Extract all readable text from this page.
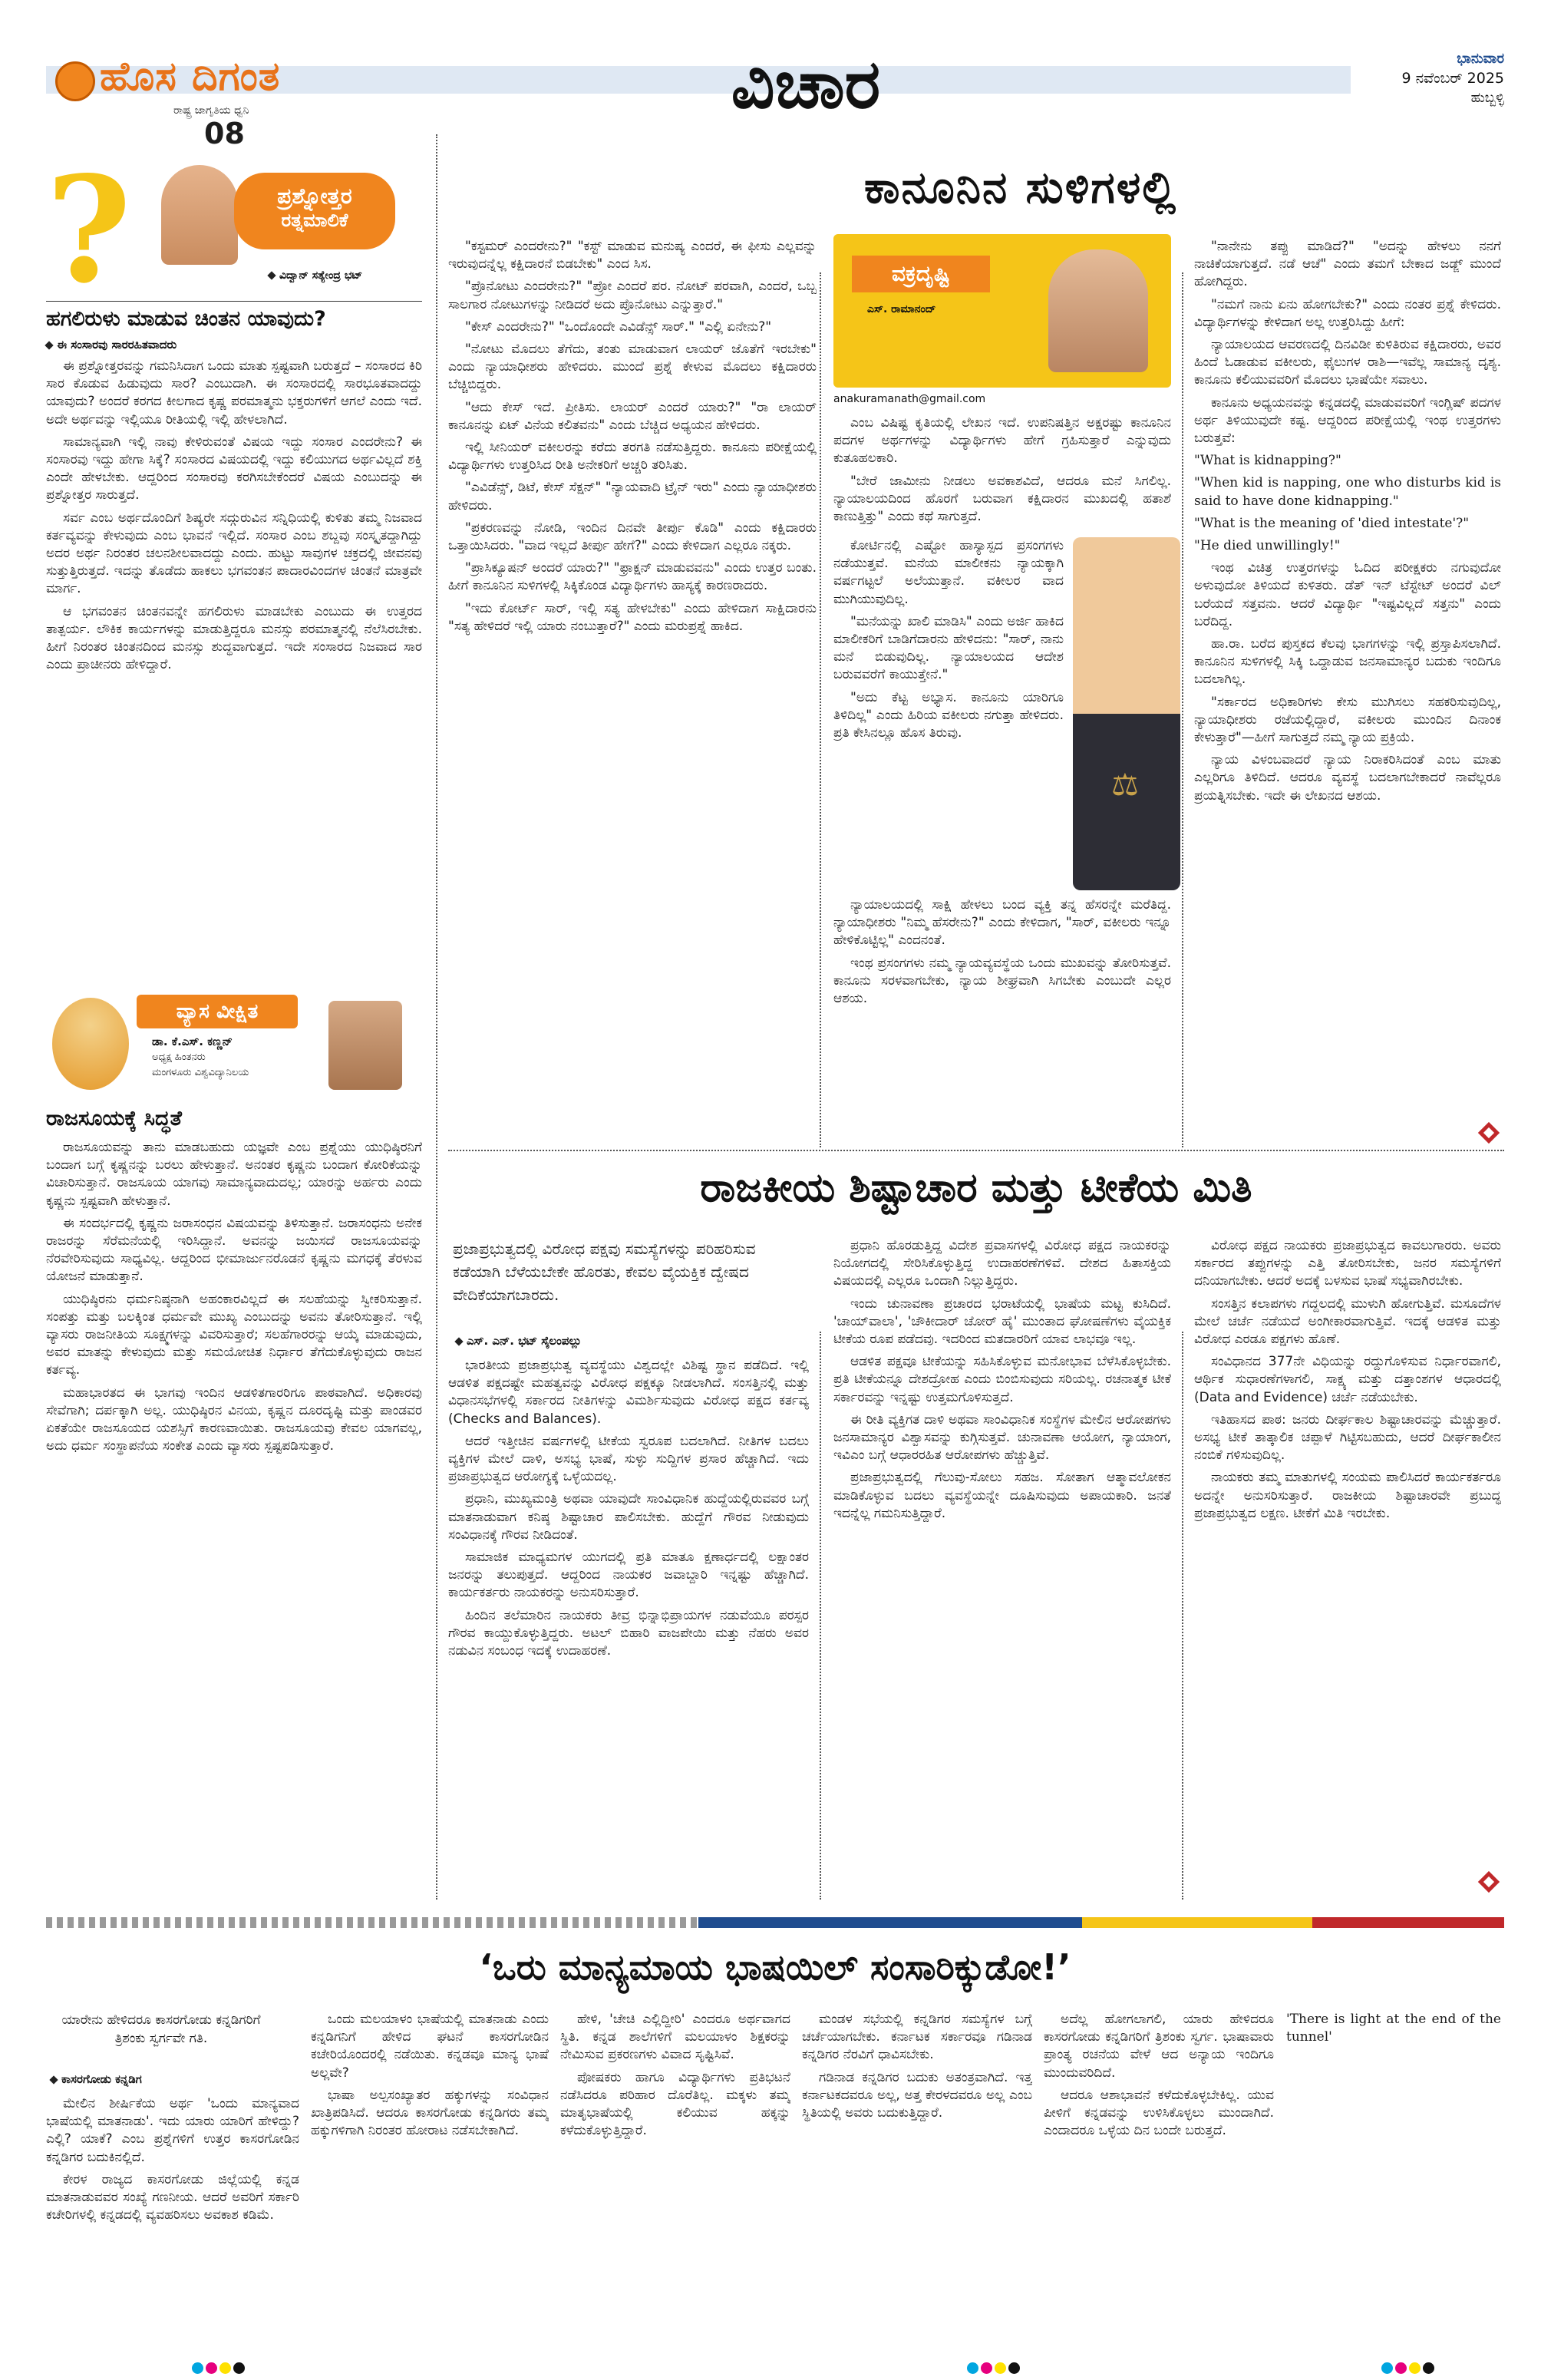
ಹೊಸ ದಿಗಂತ
ರಾಷ್ಟ್ರ ಜಾಗೃತಿಯ ಧ್ವನಿ
08
ವಿಚಾರ	ಭಾನುವಾರ
9 ನವೆಂಬರ್ 2025
ಹುಬ್ಬಳ್ಳಿ
?	ಪ್ರಶ್ನೋತ್ತರ
ರತ್ನಮಾಲಿಕೆ
ವಿದ್ವಾನ್ ಸತ್ಯೇಂದ್ರ ಭಟ್
ಹಗಲಿರುಳು ಮಾಡುವ ಚಿಂತನ ಯಾವುದು?
ಈ ಸಂಸಾರವು ಸಾರರಹಿತವಾದರು

ಈ ಪ್ರಶ್ನೋತ್ತರವನ್ನು ಗಮನಿಸಿದಾಗ ಒಂದು ಮಾತು ಸ್ಪಷ್ಟವಾಗಿ ಬರುತ್ತದೆ – ಸಂಸಾರದ ಕಿರಿ ಸಾರ ಕೊಡುವ ಹಿಡುವುದು ಸಾರ? ಎಂಬುದಾಗಿ. ಈ ಸಂಸಾರದಲ್ಲಿ ಸಾರಭೂತವಾದದ್ದು ಯಾವುದು? ಅಂದರೆ ಕರಗದ ಕೀಲಗಾದ ಕೃಷ್ಣ ಪರಮಾತ್ಮನು ಭಕ್ತರುಗಳಿಗೆ ಆಗಲೆ ಎಂದು ಇದೆ. ಅದೇ ಅರ್ಥವನ್ನು ಇಲ್ಲಿಯೂ ರೀತಿಯಲ್ಲಿ ಇಲ್ಲಿ ಹೇಳಲಾಗಿದೆ.

ಸಾಮಾನ್ಯವಾಗಿ ಇಲ್ಲಿ ನಾವು ಕೇಳಿರುವಂತೆ ವಿಷಯ ಇದ್ದು ಸಂಸಾರ ಎಂದರೇನು? ಈ ಸಂಸಾರವು ಇದ್ದು ಹೇಗಾ ಸಿಕ್ಕೆ? ಸಂಸಾರದ ವಿಷಯದಲ್ಲಿ ಇದ್ದು ಕಲಿಯುಗದ ಅರ್ಥವಿಲ್ಲದೆ ಶಕ್ತಿ ಎಂದೇ ಹೇಳಬೇಕು. ಆದ್ದರಿಂದ ಸಂಸಾರವು ಕರಗಿಸಬೇಕೆಂದರೆ ವಿಷಯ ಎಂಬುದನ್ನು ಈ ಪ್ರಶ್ನೋತ್ತರ ಸಾರುತ್ತದೆ.

ಸರ್ವ ಎಂಬ ಅರ್ಥದೊಂದಿಗೆ ಶಿಷ್ಯರೇ ಸದ್ಗುರುವಿನ ಸನ್ನಿಧಿಯಲ್ಲಿ ಕುಳಿತು ತಮ್ಮ ನಿಜವಾದ ಕರ್ತವ್ಯವನ್ನು ಕೇಳುವುದು ಎಂಬ ಭಾವನೆ ಇಲ್ಲಿದೆ. ಸಂಸಾರ ಎಂಬ ಶಬ್ದವು ಸಂಸ್ಕೃತದ್ದಾಗಿದ್ದು ಅದರ ಅರ್ಥ ನಿರಂತರ ಚಲನಶೀಲವಾದದ್ದು ಎಂದು. ಹುಟ್ಟು ಸಾವುಗಳ ಚಕ್ರದಲ್ಲಿ ಜೀವನವು ಸುತ್ತುತ್ತಿರುತ್ತದೆ. ಇದನ್ನು ತೊಡೆದು ಹಾಕಲು ಭಗವಂತನ ಪಾದಾರವಿಂದಗಳ ಚಿಂತನೆ ಮಾತ್ರವೇ ಮಾರ್ಗ.

ಆ ಭಗವಂತನ ಚಿಂತನವನ್ನೇ ಹಗಲಿರುಳು ಮಾಡಬೇಕು ಎಂಬುದು ಈ ಉತ್ತರದ ತಾತ್ಪರ್ಯ. ಲೌಕಿಕ ಕಾರ್ಯಗಳನ್ನು ಮಾಡುತ್ತಿದ್ದರೂ ಮನಸ್ಸು ಪರಮಾತ್ಮನಲ್ಲಿ ನೆಲೆಸಿರಬೇಕು. ಹೀಗೆ ನಿರಂತರ ಚಿಂತನದಿಂದ ಮನಸ್ಸು ಶುದ್ಧವಾಗುತ್ತದೆ. ಇದೇ ಸಂಸಾರದ ನಿಜವಾದ ಸಾರ ಎಂದು ಪ್ರಾಚೀನರು ಹೇಳಿದ್ದಾರೆ.

ವ್ಯಾಸ ವೀಕ್ಷಿತ
ಡಾ. ಕೆ.ಎಸ್. ಕಣ್ಣನ್
ಅಧ್ಯಕ್ಷ ಹಿಂತನರು
ಮಂಗಳೂರು ವಿಶ್ವವಿದ್ಯಾನಿಲಯ
ರಾಜಸೂಯಕ್ಕೆ ಸಿದ್ಧತೆ

ರಾಜಸೂಯವನ್ನು ತಾನು ಮಾಡಬಹುದು ಯಜ್ಞವೇ ಎಂಬ ಪ್ರಶ್ನೆಯು ಯುಧಿಷ್ಠಿರನಿಗೆ ಬಂದಾಗ ಬಗ್ಗೆ ಕೃಷ್ಣನನ್ನು ಬರಲು ಹೇಳುತ್ತಾನೆ. ಅನಂತರ ಕೃಷ್ಣನು ಬಂದಾಗ ಕೋರಿಕೆಯನ್ನು ವಿಚಾರಿಸುತ್ತಾನೆ. ರಾಜಸೂಯ ಯಾಗವು ಸಾಮಾನ್ಯವಾದುದಲ್ಲ; ಯಾರನ್ನು ಅರ್ಹರು ಎಂದು ಕೃಷ್ಣನು ಸ್ಪಷ್ಟವಾಗಿ ಹೇಳುತ್ತಾನೆ.

ಈ ಸಂದರ್ಭದಲ್ಲಿ ಕೃಷ್ಣನು ಜರಾಸಂಧನ ವಿಷಯವನ್ನು ತಿಳಿಸುತ್ತಾನೆ. ಜರಾಸಂಧನು ಅನೇಕ ರಾಜರನ್ನು ಸೆರೆಮನೆಯಲ್ಲಿ ಇರಿಸಿದ್ದಾನೆ. ಅವನನ್ನು ಜಯಿಸದೆ ರಾಜಸೂಯವನ್ನು ನೆರವೇರಿಸುವುದು ಸಾಧ್ಯವಿಲ್ಲ. ಆದ್ದರಿಂದ ಭೀಮಾರ್ಜುನರೊಡನೆ ಕೃಷ್ಣನು ಮಗಧಕ್ಕೆ ತೆರಳುವ ಯೋಜನೆ ಮಾಡುತ್ತಾನೆ.

ಯುಧಿಷ್ಠಿರನು ಧರ್ಮನಿಷ್ಠನಾಗಿ ಅಹಂಕಾರವಿಲ್ಲದೆ ಈ ಸಲಹೆಯನ್ನು ಸ್ವೀಕರಿಸುತ್ತಾನೆ. ಸಂಪತ್ತು ಮತ್ತು ಬಲಕ್ಕಿಂತ ಧರ್ಮವೇ ಮುಖ್ಯ ಎಂಬುದನ್ನು ಅವನು ತೋರಿಸುತ್ತಾನೆ. ಇಲ್ಲಿ ವ್ಯಾಸರು ರಾಜನೀತಿಯ ಸೂಕ್ಷ್ಮಗಳನ್ನು ವಿವರಿಸುತ್ತಾರೆ; ಸಲಹೆಗಾರರನ್ನು ಆಯ್ಕೆ ಮಾಡುವುದು, ಅವರ ಮಾತನ್ನು ಕೇಳುವುದು ಮತ್ತು ಸಮಯೋಚಿತ ನಿರ್ಧಾರ ತೆಗೆದುಕೊಳ್ಳುವುದು ರಾಜನ ಕರ್ತವ್ಯ.

ಮಹಾಭಾರತದ ಈ ಭಾಗವು ಇಂದಿನ ಆಡಳಿತಗಾರರಿಗೂ ಪಾಠವಾಗಿದೆ. ಅಧಿಕಾರವು ಸೇವೆಗಾಗಿ; ದರ್ಪಕ್ಕಾಗಿ ಅಲ್ಲ. ಯುಧಿಷ್ಠಿರನ ವಿನಯ, ಕೃಷ್ಣನ ದೂರದೃಷ್ಟಿ ಮತ್ತು ಪಾಂಡವರ ಏಕತೆಯೇ ರಾಜಸೂಯದ ಯಶಸ್ಸಿಗೆ ಕಾರಣವಾಯಿತು. ರಾಜಸೂಯವು ಕೇವಲ ಯಾಗವಲ್ಲ, ಅದು ಧರ್ಮ ಸಂಸ್ಥಾಪನೆಯ ಸಂಕೇತ ಎಂದು ವ್ಯಾಸರು ಸ್ಪಷ್ಟಪಡಿಸುತ್ತಾರೆ.

ಕಾನೂನಿನ ಸುಳಿಗಳಲ್ಲಿ
ವಕ್ರದೃಷ್ಟಿ
ಎಸ್. ರಾಮಾನಂದ್
anakuramanath@gmail.com
⚖

"ಕಸ್ಟಮರ್ ಎಂದರೇನು?" "ಕಸ್ಟ್ ಮಾಡುವ ಮನುಷ್ಯ ಎಂದರೆ, ಈ ಫೀಸು ಎಲ್ಲವನ್ನು ಇರುವುದನ್ನೆಲ್ಲ ಕಕ್ಷಿದಾರನೆ ಬಿಡಬೇಕು" ಎಂದ ಸಿಸ.

"ಪ್ರೊನೋಟು ಎಂದರೇನು?" "ಪ್ರೋ ಎಂದರೆ ಪರ. ನೋಟ್ ಪರವಾಗಿ, ಎಂದರೆ, ಒಬ್ಬ ಸಾಲಗಾರ ನೋಟುಗಳನ್ನು ನೀಡಿದರೆ ಅದು ಪ್ರೊನೋಟು ಎನ್ನುತ್ತಾರೆ."

"ಕೇಸ್ ಎಂದರೇನು?" "ಒಂದೊಂದೇ ಎವಿಡೆನ್ಸ್ ಸಾರ್." "ಎಲ್ಲಿ ಏನೇನು?"

"ನೋಟು ಮೊದಲು ತೆಗೆದು, ತಂತು ಮಾಡುವಾಗ ಲಾಯರ್ ಜೊತೆಗೆ ಇರಬೇಕು" ಎಂದು ನ್ಯಾಯಾಧೀಶರು ಹೇಳಿದರು. ಮುಂದೆ ಪ್ರಶ್ನೆ ಕೇಳುವ ಮೊದಲು ಕಕ್ಷಿದಾರರು ಬೆಚ್ಚಿಬಿದ್ದರು.

"ಆದು ಕೇಸ್ ಇದೆ. ಪ್ರೀತಿಸು. ಲಾಯರ್ ಎಂದರೆ ಯಾರು?" "ರಾ ಲಾಯರ್ ಕಾನೂನನ್ನು ಏಟ್ ವಿನೆಯ ಕಲಿತವನು" ಎಂದು ಬೆಚ್ಚಿದ ಅಧ್ಯಯನ ಹೇಳಿದರು.

ಇಲ್ಲಿ ಸೀನಿಯರ್ ವಕೀಲರನ್ನು ಕರೆದು ತರಗತಿ ನಡೆಸುತ್ತಿದ್ದರು. ಕಾನೂನು ಪರೀಕ್ಷೆಯಲ್ಲಿ ವಿದ್ಯಾರ್ಥಿಗಳು ಉತ್ತರಿಸಿದ ರೀತಿ ಅನೇಕರಿಗೆ ಅಚ್ಚರಿ ತರಿಸಿತು.

"ಎವಿಡೆನ್ಸ್, ಡಿಟೆ, ಕೇಸ್ ಸೆಕ್ಷನ್" "ನ್ಯಾಯವಾದಿ ಟ್ರೈನ್ ಇರು" ಎಂದು ನ್ಯಾಯಾಧೀಶರು ಹೇಳಿದರು.

"ಪ್ರಕರಣವನ್ನು ನೋಡಿ, ಇಂದಿನ ದಿನವೇ ತೀರ್ಪು ಕೊಡಿ" ಎಂದು ಕಕ್ಷಿದಾರರು ಒತ್ತಾಯಿಸಿದರು. "ವಾದ ಇಲ್ಲದೆ ತೀರ್ಪು ಹೇಗೆ?" ಎಂದು ಕೇಳಿದಾಗ ಎಲ್ಲರೂ ನಕ್ಕರು.

"ಪ್ರಾಸಿಕ್ಯೂಷನ್ ಅಂದರೆ ಯಾರು?" "ಫ್ರಾಕ್ಷನ್ ಮಾಡುವವನು" ಎಂದು ಉತ್ತರ ಬಂತು. ಹೀಗೆ ಕಾನೂನಿನ ಸುಳಿಗಳಲ್ಲಿ ಸಿಕ್ಕಿಕೊಂಡ ವಿದ್ಯಾರ್ಥಿಗಳು ಹಾಸ್ಯಕ್ಕೆ ಕಾರಣರಾದರು.

"ಇದು ಕೋರ್ಟ್ ಸಾರ್, ಇಲ್ಲಿ ಸತ್ಯ ಹೇಳಬೇಕು" ಎಂದು ಹೇಳಿದಾಗ ಸಾಕ್ಷಿದಾರನು "ಸತ್ಯ ಹೇಳಿದರೆ ಇಲ್ಲಿ ಯಾರು ನಂಬುತ್ತಾರೆ?" ಎಂದು ಮರುಪ್ರಶ್ನೆ ಹಾಕಿದ.

ಎಂಬ ವಿಷಿಷ್ಟ ಕೃತಿಯಲ್ಲಿ ಲೇಖನ ಇದೆ. ಉಪನಿಷತ್ತಿನ ಅಕ್ಷರಷ್ಟು ಕಾನೂನಿನ ಪದಗಳ ಅರ್ಥಗಳನ್ನು ವಿದ್ಯಾರ್ಥಿಗಳು ಹೇಗೆ ಗ್ರಹಿಸುತ್ತಾರೆ ಎನ್ನುವುದು ಕುತೂಹಲಕಾರಿ.

"ಬೇರೆ ಜಾಮೀನು ನೀಡಲು ಅವಕಾಶವಿದೆ, ಆದರೂ ಮನೆ ಸಿಗಲಿಲ್ಲ. ನ್ಯಾಯಾಲಯದಿಂದ ಹೊರಗೆ ಬರುವಾಗ ಕಕ್ಷಿದಾರನ ಮುಖದಲ್ಲಿ ಹತಾಶೆ ಕಾಣುತ್ತಿತ್ತು" ಎಂದು ಕಥೆ ಸಾಗುತ್ತದೆ.

ಕೋರ್ಟಿನಲ್ಲಿ ಎಷ್ಟೋ ಹಾಸ್ಯಾಸ್ಪದ ಪ್ರಸಂಗಗಳು ನಡೆಯುತ್ತವೆ. ಮನೆಯ ಮಾಲೀಕನು ನ್ಯಾಯಕ್ಕಾಗಿ ವರ್ಷಗಟ್ಟಲೆ ಅಲೆಯುತ್ತಾನೆ. ವಕೀಲರ ವಾದ ಮುಗಿಯುವುದಿಲ್ಲ.

"ಮನೆಯನ್ನು ಖಾಲಿ ಮಾಡಿಸಿ" ಎಂದು ಅರ್ಜಿ ಹಾಕಿದ ಮಾಲೀಕರಿಗೆ ಬಾಡಿಗೆದಾರನು ಹೇಳಿದನು: "ಸಾರ್, ನಾನು ಮನೆ ಬಿಡುವುದಿಲ್ಲ. ನ್ಯಾಯಾಲಯದ ಆದೇಶ ಬರುವವರೆಗೆ ಕಾಯುತ್ತೇನೆ."

"ಅದು ಕೆಟ್ಟ ಅಭ್ಯಾಸ. ಕಾನೂನು ಯಾರಿಗೂ ತಿಳಿದಿಲ್ಲ" ಎಂದು ಹಿರಿಯ ವಕೀಲರು ನಗುತ್ತಾ ಹೇಳಿದರು. ಪ್ರತಿ ಕೇಸಿನಲ್ಲೂ ಹೊಸ ತಿರುವು.

ನ್ಯಾಯಾಲಯದಲ್ಲಿ ಸಾಕ್ಷಿ ಹೇಳಲು ಬಂದ ವ್ಯಕ್ತಿ ತನ್ನ ಹೆಸರನ್ನೇ ಮರೆತಿದ್ದ. ನ್ಯಾಯಾಧೀಶರು "ನಿಮ್ಮ ಹೆಸರೇನು?" ಎಂದು ಕೇಳಿದಾಗ, "ಸಾರ್, ವಕೀಲರು ಇನ್ನೂ ಹೇಳಿಕೊಟ್ಟಿಲ್ಲ" ಎಂದನಂತೆ.

ಇಂಥ ಪ್ರಸಂಗಗಳು ನಮ್ಮ ನ್ಯಾಯವ್ಯವಸ್ಥೆಯ ಒಂದು ಮುಖವನ್ನು ತೋರಿಸುತ್ತವೆ. ಕಾನೂನು ಸರಳವಾಗಬೇಕು, ನ್ಯಾಯ ಶೀಘ್ರವಾಗಿ ಸಿಗಬೇಕು ಎಂಬುದೇ ಎಲ್ಲರ ಆಶಯ.

"ನಾನೇನು ತಪ್ಪು ಮಾಡಿದೆ?" "ಅದನ್ನು ಹೇಳಲು ನನಗೆ ನಾಚಿಕೆಯಾಗುತ್ತದೆ. ನಡೆ ಆಚೆ" ಎಂದು ತಮಗೆ ಬೇಕಾದ ಜಡ್ಜ್ ಮುಂದೆ ಹೋಗಿದ್ದರು.

"ನಮಗೆ ನಾನು ಏನು ಹೋಗಬೇಕು?" ಎಂದು ನಂತರ ಪ್ರಶ್ನೆ ಕೇಳಿದರು. ವಿದ್ಯಾರ್ಥಿಗಳನ್ನು ಕೇಳಿದಾಗ ಅಲ್ಲ ಉತ್ತರಿಸಿದ್ದು ಹೀಗೆ:

ನ್ಯಾಯಾಲಯದ ಆವರಣದಲ್ಲಿ ದಿನವಿಡೀ ಕುಳಿತಿರುವ ಕಕ್ಷಿದಾರರು, ಅವರ ಹಿಂದೆ ಓಡಾಡುವ ವಕೀಲರು, ಫೈಲುಗಳ ರಾಶಿ—ಇವೆಲ್ಲ ಸಾಮಾನ್ಯ ದೃಶ್ಯ. ಕಾನೂನು ಕಲಿಯುವವರಿಗೆ ಮೊದಲು ಭಾಷೆಯೇ ಸವಾಲು.

ಕಾನೂನು ಅಧ್ಯಯನವನ್ನು ಕನ್ನಡದಲ್ಲಿ ಮಾಡುವವರಿಗೆ ಇಂಗ್ಲಿಷ್ ಪದಗಳ ಅರ್ಥ ತಿಳಿಯುವುದೇ ಕಷ್ಟ. ಆದ್ದರಿಂದ ಪರೀಕ್ಷೆಯಲ್ಲಿ ಇಂಥ ಉತ್ತರಗಳು ಬರುತ್ತವೆ:

"What is kidnapping?"

"When kid is napping, one who disturbs kid is said to have done kidnapping."

"What is the meaning of 'died intestate'?"

"He died unwillingly!"

ಇಂಥ ವಿಚಿತ್ರ ಉತ್ತರಗಳನ್ನು ಓದಿದ ಪರೀಕ್ಷಕರು ನಗುವುದೋ ಅಳುವುದೋ ತಿಳಿಯದೆ ಕುಳಿತರು. ಡೆತ್ ಇನ್ ಟೆಸ್ಟೇಟ್ ಅಂದರೆ ವಿಲ್ ಬರೆಯದೆ ಸತ್ತವನು. ಆದರೆ ವಿದ್ಯಾರ್ಥಿ "ಇಷ್ಟವಿಲ್ಲದೆ ಸತ್ತನು" ಎಂದು ಬರೆದಿದ್ದ.

ಹಾ.ರಾ. ಬರೆದ ಪುಸ್ತಕದ ಕೆಲವು ಭಾಗಗಳನ್ನು ಇಲ್ಲಿ ಪ್ರಸ್ತಾಪಿಸಲಾಗಿದೆ. ಕಾನೂನಿನ ಸುಳಿಗಳಲ್ಲಿ ಸಿಕ್ಕಿ ಒದ್ದಾಡುವ ಜನಸಾಮಾನ್ಯರ ಬದುಕು ಇಂದಿಗೂ ಬದಲಾಗಿಲ್ಲ.

"ಸರ್ಕಾರದ ಅಧಿಕಾರಿಗಳು ಕೇಸು ಮುಗಿಸಲು ಸಹಕರಿಸುವುದಿಲ್ಲ, ನ್ಯಾಯಾಧೀಶರು ರಜೆಯಲ್ಲಿದ್ದಾರೆ, ವಕೀಲರು ಮುಂದಿನ ದಿನಾಂಕ ಕೇಳುತ್ತಾರೆ"—ಹೀಗೆ ಸಾಗುತ್ತದೆ ನಮ್ಮ ನ್ಯಾಯ ಪ್ರಕ್ರಿಯೆ.

ನ್ಯಾಯ ವಿಳಂಬವಾದರೆ ನ್ಯಾಯ ನಿರಾಕರಿಸಿದಂತೆ ಎಂಬ ಮಾತು ಎಲ್ಲರಿಗೂ ತಿಳಿದಿದೆ. ಆದರೂ ವ್ಯವಸ್ಥೆ ಬದಲಾಗಬೇಕಾದರೆ ನಾವೆಲ್ಲರೂ ಪ್ರಯತ್ನಿಸಬೇಕು. ಇದೇ ಈ ಲೇಖನದ ಆಶಯ.

ರಾಜಕೀಯ ಶಿಷ್ಟಾಚಾರ ಮತ್ತು ಟೀಕೆಯ ಮಿತಿ
ಪ್ರಜಾಪ್ರಭುತ್ವದಲ್ಲಿ ವಿರೋಧ ಪಕ್ಷವು ಸಮಸ್ಯೆಗಳನ್ನು ಪರಿಹರಿಸುವ ಕಡೆಯಾಗಿ ಬೆಳೆಯಬೇಕೇ ಹೊರತು, ಕೇವಲ ವೈಯಕ್ತಿಕ ದ್ವೇಷದ ವೇದಿಕೆಯಾಗಬಾರದು.
ಎಸ್. ಎನ್. ಭಟ್ ಸೈಲಂಪಲ್ಲು

ಭಾರತೀಯ ಪ್ರಜಾಪ್ರಭುತ್ವ ವ್ಯವಸ್ಥೆಯು ವಿಶ್ವದಲ್ಲೇ ವಿಶಿಷ್ಟ ಸ್ಥಾನ ಪಡೆದಿದೆ. ಇಲ್ಲಿ ಆಡಳಿತ ಪಕ್ಷದಷ್ಟೇ ಮಹತ್ವವನ್ನು ವಿರೋಧ ಪಕ್ಷಕ್ಕೂ ನೀಡಲಾಗಿದೆ. ಸಂಸತ್ತಿನಲ್ಲಿ ಮತ್ತು ವಿಧಾನಸಭೆಗಳಲ್ಲಿ ಸರ್ಕಾರದ ನೀತಿಗಳನ್ನು ವಿಮರ್ಶಿಸುವುದು ವಿರೋಧ ಪಕ್ಷದ ಕರ್ತವ್ಯ (Checks and Balances).

ಆದರೆ ಇತ್ತೀಚಿನ ವರ್ಷಗಳಲ್ಲಿ ಟೀಕೆಯ ಸ್ವರೂಪ ಬದಲಾಗಿದೆ. ನೀತಿಗಳ ಬದಲು ವ್ಯಕ್ತಿಗಳ ಮೇಲೆ ದಾಳಿ, ಅಸಭ್ಯ ಭಾಷೆ, ಸುಳ್ಳು ಸುದ್ದಿಗಳ ಪ್ರಸಾರ ಹೆಚ್ಚಾಗಿದೆ. ಇದು ಪ್ರಜಾಪ್ರಭುತ್ವದ ಆರೋಗ್ಯಕ್ಕೆ ಒಳ್ಳೆಯದಲ್ಲ.

ಪ್ರಧಾನಿ, ಮುಖ್ಯಮಂತ್ರಿ ಅಥವಾ ಯಾವುದೇ ಸಾಂವಿಧಾನಿಕ ಹುದ್ದೆಯಲ್ಲಿರುವವರ ಬಗ್ಗೆ ಮಾತನಾಡುವಾಗ ಕನಿಷ್ಠ ಶಿಷ್ಟಾಚಾರ ಪಾಲಿಸಬೇಕು. ಹುದ್ದೆಗೆ ಗೌರವ ನೀಡುವುದು ಸಂವಿಧಾನಕ್ಕೆ ಗೌರವ ನೀಡಿದಂತೆ.

ಸಾಮಾಜಿಕ ಮಾಧ್ಯಮಗಳ ಯುಗದಲ್ಲಿ ಪ್ರತಿ ಮಾತೂ ಕ್ಷಣಾರ್ಧದಲ್ಲಿ ಲಕ್ಷಾಂತರ ಜನರನ್ನು ತಲುಪುತ್ತದೆ. ಆದ್ದರಿಂದ ನಾಯಕರ ಜವಾಬ್ದಾರಿ ಇನ್ನಷ್ಟು ಹೆಚ್ಚಾಗಿದೆ. ಕಾರ್ಯಕರ್ತರು ನಾಯಕರನ್ನು ಅನುಸರಿಸುತ್ತಾರೆ.

ಹಿಂದಿನ ತಲೆಮಾರಿನ ನಾಯಕರು ತೀವ್ರ ಭಿನ್ನಾಭಿಪ್ರಾಯಗಳ ನಡುವೆಯೂ ಪರಸ್ಪರ ಗೌರವ ಕಾಯ್ದುಕೊಳ್ಳುತ್ತಿದ್ದರು. ಅಟಲ್ ಬಿಹಾರಿ ವಾಜಪೇಯಿ ಮತ್ತು ನೆಹರು ಅವರ ನಡುವಿನ ಸಂಬಂಧ ಇದಕ್ಕೆ ಉದಾಹರಣೆ.

ಪ್ರಧಾನಿ ಹೊರಡುತ್ತಿದ್ದ ವಿದೇಶ ಪ್ರವಾಸಗಳಲ್ಲಿ ವಿರೋಧ ಪಕ್ಷದ ನಾಯಕರನ್ನು ನಿಯೋಗದಲ್ಲಿ ಸೇರಿಸಿಕೊಳ್ಳುತ್ತಿದ್ದ ಉದಾಹರಣೆಗಳಿವೆ. ದೇಶದ ಹಿತಾಸಕ್ತಿಯ ವಿಷಯದಲ್ಲಿ ಎಲ್ಲರೂ ಒಂದಾಗಿ ನಿಲ್ಲುತ್ತಿದ್ದರು.

ಇಂದು ಚುನಾವಣಾ ಪ್ರಚಾರದ ಭರಾಟೆಯಲ್ಲಿ ಭಾಷೆಯ ಮಟ್ಟ ಕುಸಿದಿದೆ. 'ಚಾಯ್‌ವಾಲಾ', 'ಚೌಕೀದಾರ್ ಚೋರ್ ಹೈ' ಮುಂತಾದ ಘೋಷಣೆಗಳು ವೈಯಕ್ತಿಕ ಟೀಕೆಯ ರೂಪ ಪಡೆದವು. ಇದರಿಂದ ಮತದಾರರಿಗೆ ಯಾವ ಲಾಭವೂ ಇಲ್ಲ.

ಆಡಳಿತ ಪಕ್ಷವೂ ಟೀಕೆಯನ್ನು ಸಹಿಸಿಕೊಳ್ಳುವ ಮನೋಭಾವ ಬೆಳೆಸಿಕೊಳ್ಳಬೇಕು. ಪ್ರತಿ ಟೀಕೆಯನ್ನೂ ದೇಶದ್ರೋಹ ಎಂದು ಬಿಂಬಿಸುವುದು ಸರಿಯಲ್ಲ. ರಚನಾತ್ಮಕ ಟೀಕೆ ಸರ್ಕಾರವನ್ನು ಇನ್ನಷ್ಟು ಉತ್ತಮಗೊಳಿಸುತ್ತದೆ.

ಈ ರೀತಿ ವ್ಯಕ್ತಿಗತ ದಾಳಿ ಅಥವಾ ಸಾಂವಿಧಾನಿಕ ಸಂಸ್ಥೆಗಳ ಮೇಲಿನ ಆರೋಪಗಳು ಜನಸಾಮಾನ್ಯರ ವಿಶ್ವಾಸವನ್ನು ಕುಗ್ಗಿಸುತ್ತವೆ. ಚುನಾವಣಾ ಆಯೋಗ, ನ್ಯಾಯಾಂಗ, ಇವಿಎಂ ಬಗ್ಗೆ ಆಧಾರರಹಿತ ಆರೋಪಗಳು ಹೆಚ್ಚುತ್ತಿವೆ.

ಪ್ರಜಾಪ್ರಭುತ್ವದಲ್ಲಿ ಗೆಲುವು-ಸೋಲು ಸಹಜ. ಸೋತಾಗ ಆತ್ಮಾವಲೋಕನ ಮಾಡಿಕೊಳ್ಳುವ ಬದಲು ವ್ಯವಸ್ಥೆಯನ್ನೇ ದೂಷಿಸುವುದು ಅಪಾಯಕಾರಿ. ಜನತೆ ಇದನ್ನೆಲ್ಲ ಗಮನಿಸುತ್ತಿದ್ದಾರೆ.

ವಿರೋಧ ಪಕ್ಷದ ನಾಯಕರು ಪ್ರಜಾಪ್ರಭುತ್ವದ ಕಾವಲುಗಾರರು. ಅವರು ಸರ್ಕಾರದ ತಪ್ಪುಗಳನ್ನು ಎತ್ತಿ ತೋರಿಸಬೇಕು, ಜನರ ಸಮಸ್ಯೆಗಳಿಗೆ ದನಿಯಾಗಬೇಕು. ಆದರೆ ಅದಕ್ಕೆ ಬಳಸುವ ಭಾಷೆ ಸಭ್ಯವಾಗಿರಬೇಕು.

ಸಂಸತ್ತಿನ ಕಲಾಪಗಳು ಗದ್ದಲದಲ್ಲಿ ಮುಳುಗಿ ಹೋಗುತ್ತಿವೆ. ಮಸೂದೆಗಳ ಮೇಲೆ ಚರ್ಚೆ ನಡೆಯದೆ ಅಂಗೀಕಾರವಾಗುತ್ತಿವೆ. ಇದಕ್ಕೆ ಆಡಳಿತ ಮತ್ತು ವಿರೋಧ ಎರಡೂ ಪಕ್ಷಗಳು ಹೊಣೆ.

ಸಂವಿಧಾನದ 377ನೇ ವಿಧಿಯನ್ನು ರದ್ದುಗೊಳಿಸುವ ನಿರ್ಧಾರವಾಗಲಿ, ಆರ್ಥಿಕ ಸುಧಾರಣೆಗಳಾಗಲಿ, ಸಾಕ್ಷ್ಯ ಮತ್ತು ದತ್ತಾಂಶಗಳ ಆಧಾರದಲ್ಲಿ (Data and Evidence) ಚರ್ಚೆ ನಡೆಯಬೇಕು.

ಇತಿಹಾಸದ ಪಾಠ: ಜನರು ದೀರ್ಘಕಾಲ ಶಿಷ್ಟಾಚಾರವನ್ನು ಮೆಚ್ಚುತ್ತಾರೆ. ಅಸಭ್ಯ ಟೀಕೆ ತಾತ್ಕಾಲಿಕ ಚಪ್ಪಾಳೆ ಗಿಟ್ಟಿಸಬಹುದು, ಆದರೆ ದೀರ್ಘಕಾಲೀನ ನಂಬಿಕೆ ಗಳಿಸುವುದಿಲ್ಲ.

ನಾಯಕರು ತಮ್ಮ ಮಾತುಗಳಲ್ಲಿ ಸಂಯಮ ಪಾಲಿಸಿದರೆ ಕಾರ್ಯಕರ್ತರೂ ಅದನ್ನೇ ಅನುಸರಿಸುತ್ತಾರೆ. ರಾಜಕೀಯ ಶಿಷ್ಟಾಚಾರವೇ ಪ್ರಬುದ್ಧ ಪ್ರಜಾಪ್ರಭುತ್ವದ ಲಕ್ಷಣ. ಟೀಕೆಗೆ ಮಿತಿ ಇರಬೇಕು.

‘ಒರು ಮಾನ್ಯಮಾಯ ಭಾಷಯಿಲ್ ಸಂಸಾರಿಕ್ಕುಡೋ!’
ಯಾರೇನು ಹೇಳಿದರೂ ಕಾಸರಗೋಡು ಕನ್ನಡಿಗರಿಗೆ ತ್ರಿಶಂಕು ಸ್ವರ್ಗವೇ ಗತಿ.
ಕಾಸರಗೋಡು ಕನ್ನಡಿಗ

ಮೇಲಿನ ಶೀರ್ಷಿಕೆಯ ಅರ್ಥ 'ಒಂದು ಮಾನ್ಯವಾದ ಭಾಷೆಯಲ್ಲಿ ಮಾತನಾಡು'. ಇದು ಯಾರು ಯಾರಿಗೆ ಹೇಳಿದ್ದು? ಎಲ್ಲಿ? ಯಾಕೆ? ಎಂಬ ಪ್ರಶ್ನೆಗಳಿಗೆ ಉತ್ತರ ಕಾಸರಗೋಡಿನ ಕನ್ನಡಿಗರ ಬದುಕಿನಲ್ಲಿದೆ.

ಕೇರಳ ರಾಜ್ಯದ ಕಾಸರಗೋಡು ಜಿಲ್ಲೆಯಲ್ಲಿ ಕನ್ನಡ ಮಾತನಾಡುವವರ ಸಂಖ್ಯೆ ಗಣನೀಯ. ಆದರೆ ಅವರಿಗೆ ಸರ್ಕಾರಿ ಕಚೇರಿಗಳಲ್ಲಿ ಕನ್ನಡದಲ್ಲಿ ವ್ಯವಹರಿಸಲು ಅವಕಾಶ ಕಡಿಮೆ.

ಒಂದು ಮಲಯಾಳಂ ಭಾಷೆಯಲ್ಲಿ ಮಾತನಾಡು ಎಂದು ಕನ್ನಡಿಗನಿಗೆ ಹೇಳಿದ ಘಟನೆ ಕಾಸರಗೋಡಿನ ಕಚೇರಿಯೊಂದರಲ್ಲಿ ನಡೆಯಿತು. ಕನ್ನಡವೂ ಮಾನ್ಯ ಭಾಷೆ ಅಲ್ಲವೇ?

ಭಾಷಾ ಅಲ್ಪಸಂಖ್ಯಾತರ ಹಕ್ಕುಗಳನ್ನು ಸಂವಿಧಾನ ಖಾತ್ರಿಪಡಿಸಿದೆ. ಆದರೂ ಕಾಸರಗೋಡು ಕನ್ನಡಿಗರು ತಮ್ಮ ಹಕ್ಕುಗಳಿಗಾಗಿ ನಿರಂತರ ಹೋರಾಟ ನಡೆಸಬೇಕಾಗಿದೆ.

ಹೇಳಿ, 'ಚೇಚಿ ಎಲ್ಲಿದ್ದೀರಿ' ಎಂದರೂ ಅರ್ಥವಾಗದ ಸ್ಥಿತಿ. ಕನ್ನಡ ಶಾಲೆಗಳಿಗೆ ಮಲಯಾಳಂ ಶಿಕ್ಷಕರನ್ನು ನೇಮಿಸುವ ಪ್ರಕರಣಗಳು ವಿವಾದ ಸೃಷ್ಟಿಸಿವೆ.

ಪೋಷಕರು ಹಾಗೂ ವಿದ್ಯಾರ್ಥಿಗಳು ಪ್ರತಿಭಟನೆ ನಡೆಸಿದರೂ ಪರಿಹಾರ ದೊರೆತಿಲ್ಲ. ಮಕ್ಕಳು ತಮ್ಮ ಮಾತೃಭಾಷೆಯಲ್ಲಿ ಕಲಿಯುವ ಹಕ್ಕನ್ನು ಕಳೆದುಕೊಳ್ಳುತ್ತಿದ್ದಾರೆ.

ಮಂಡಳ ಸಭೆಯಲ್ಲಿ ಕನ್ನಡಿಗರ ಸಮಸ್ಯೆಗಳ ಬಗ್ಗೆ ಚರ್ಚೆಯಾಗಬೇಕು. ಕರ್ನಾಟಕ ಸರ್ಕಾರವೂ ಗಡಿನಾಡ ಕನ್ನಡಿಗರ ನೆರವಿಗೆ ಧಾವಿಸಬೇಕು.

ಗಡಿನಾಡ ಕನ್ನಡಿಗರ ಬದುಕು ಅತಂತ್ರವಾಗಿದೆ. ಇತ್ತ ಕರ್ನಾಟಕದವರೂ ಅಲ್ಲ, ಅತ್ತ ಕೇರಳದವರೂ ಅಲ್ಲ ಎಂಬ ಸ್ಥಿತಿಯಲ್ಲಿ ಅವರು ಬದುಕುತ್ತಿದ್ದಾರೆ.

ಅದೆಲ್ಲ ಹೋಗಲಾಗಲಿ, ಯಾರು ಹೇಳಿದರೂ ಕಾಸರಗೋಡು ಕನ್ನಡಿಗರಿಗೆ ತ್ರಿಶಂಕು ಸ್ವರ್ಗ. ಭಾಷಾವಾರು ಪ್ರಾಂತ್ಯ ರಚನೆಯ ವೇಳೆ ಆದ ಅನ್ಯಾಯ ಇಂದಿಗೂ ಮುಂದುವರಿದಿದೆ.

ಆದರೂ ಆಶಾಭಾವನೆ ಕಳೆದುಕೊಳ್ಳಬೇಕಿಲ್ಲ. ಯುವ ಪೀಳಿಗೆ ಕನ್ನಡವನ್ನು ಉಳಿಸಿಕೊಳ್ಳಲು ಮುಂದಾಗಿದೆ. ಎಂದಾದರೂ ಒಳ್ಳೆಯ ದಿನ ಬಂದೇ ಬರುತ್ತದೆ.

'There is light at the end of the tunnel'
